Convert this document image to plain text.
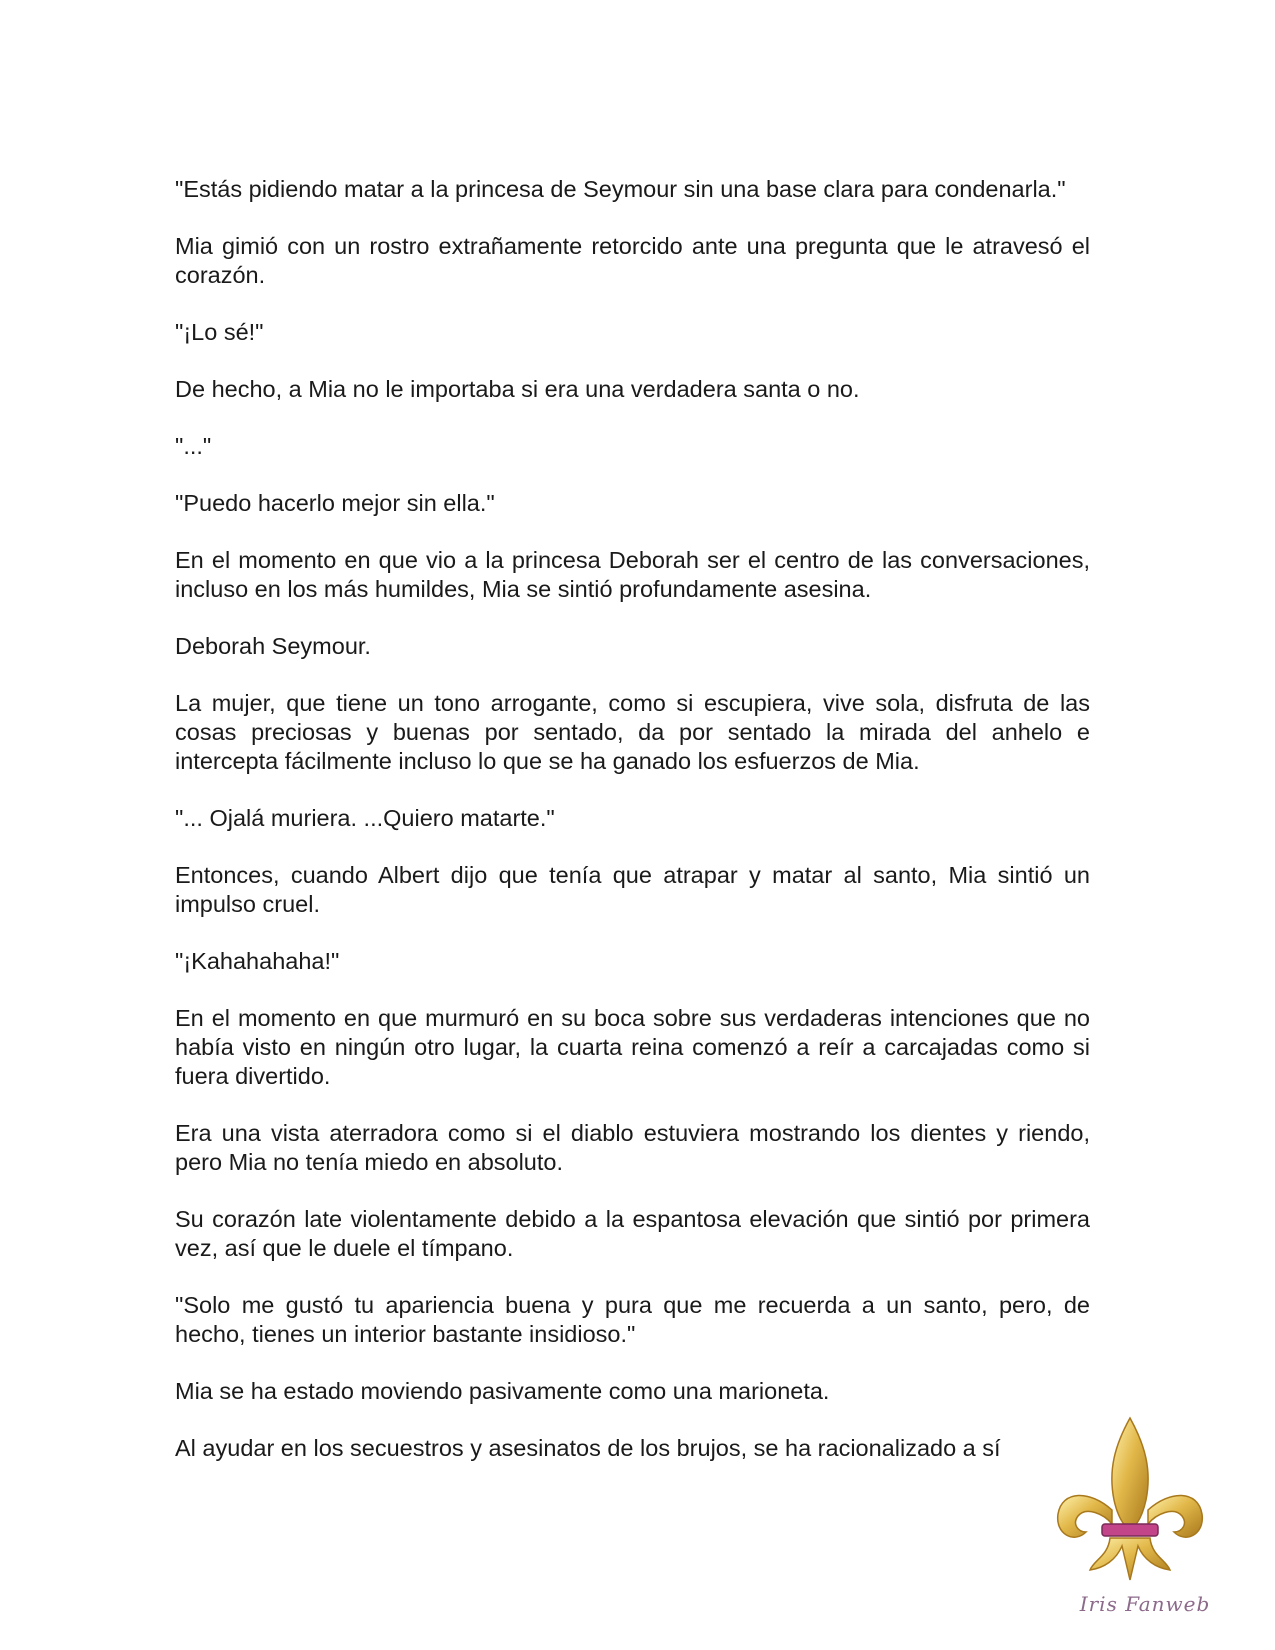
"Estás pidiendo matar a la princesa de Seymour sin una base clara para condenarla."

Mia gimió con un rostro extrañamente retorcido ante una pregunta que le atravesó el corazón.

"¡Lo sé!"

De hecho, a Mia no le importaba si era una verdadera santa o no.

"..."

"Puedo hacerlo mejor sin ella."

En el momento en que vio a la princesa Deborah ser el centro de las conversaciones, incluso en los más humildes, Mia se sintió profundamente asesina.

Deborah Seymour.

La mujer, que tiene un tono arrogante, como si escupiera, vive sola, disfruta de las cosas preciosas y buenas por sentado, da por sentado la mirada del anhelo e intercepta fácilmente incluso lo que se ha ganado los esfuerzos de Mia.

"... Ojalá muriera. ...Quiero matarte."

Entonces, cuando Albert dijo que tenía que atrapar y matar al santo, Mia sintió un impulso cruel.

"¡Kahahahaha!"

En el momento en que murmuró en su boca sobre sus verdaderas intenciones que no había visto en ningún otro lugar, la cuarta reina comenzó a reír a carcajadas como si fuera divertido.

Era una vista aterradora como si el diablo estuviera mostrando los dientes y riendo, pero Mia no tenía miedo en absoluto.

Su corazón late violentamente debido a la espantosa elevación que sintió por primera vez, así que le duele el tímpano.

"Solo me gustó tu apariencia buena y pura que me recuerda a un santo, pero, de hecho, tienes un interior bastante insidioso."

Mia se ha estado moviendo pasivamente como una marioneta.

Al ayudar en los secuestros y asesinatos de los brujos, se ha racionalizado a sí

Iris Fanweb
